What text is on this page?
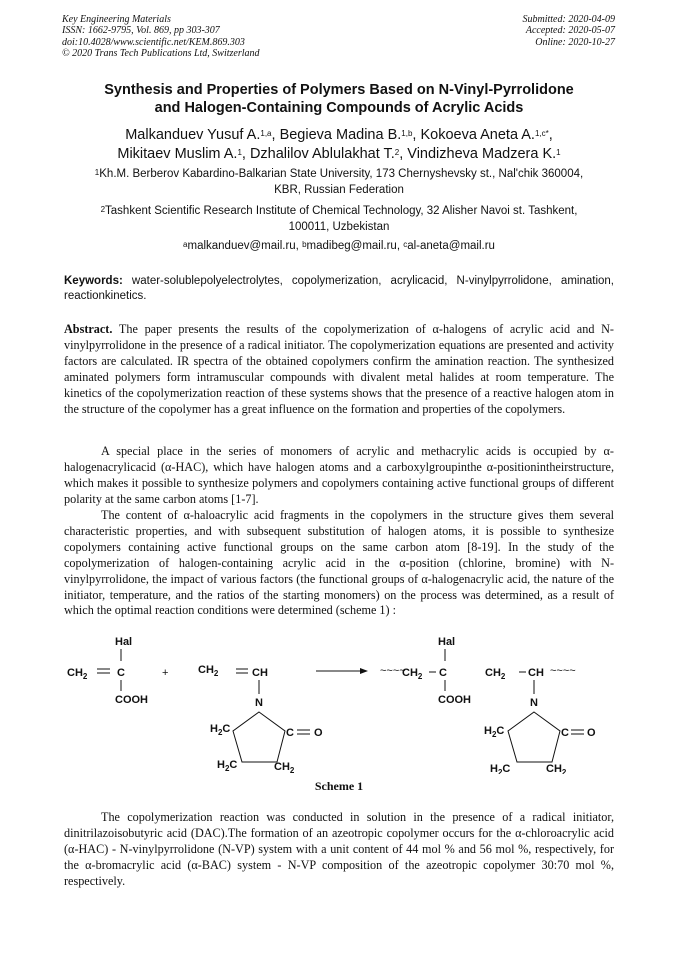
Key Engineering Materials
ISSN: 1662-9795, Vol. 869, pp 303-307
doi:10.4028/www.scientific.net/KEM.869.303
© 2020 Trans Tech Publications Ltd, Switzerland
Submitted: 2020-04-09
Accepted: 2020-05-07
Online: 2020-10-27
Synthesis and Properties of Polymers Based on N-Vinyl-Pyrrolidone
and Halogen-Containing Compounds of Acrylic Acids
Malkanduev Yusuf A.$^{1,a}$, Begieva Madina B.$^{1,b}$, Kokoeva Aneta A.$^{1,c*}$,
Mikitaev Muslim A.$^1$, Dzhalilov Ablulakhat T.$^2$, Vindizheva Madzera K.$^1$
$^1$Kh.M. Berberov Kabardino-Balkarian State University, 173 Chernyshevsky st., Nal'chik 360004,
KBR, Russian Federation
$^2$Tashkent Scientific Research Institute of Chemical Technology, 32 Alisher Navoi st. Tashkent,
100011, Uzbekistan
$^a$malkanduev@mail.ru, $^b$madibeg@mail.ru, $^c$al-aneta@mail.ru
Keywords: water-solublepolyelectrolytes, copolymerization, acrylicacid, N-vinylpyrrolidone, amination, reactionkinetics.
Abstract. The paper presents the results of the copolymerization of α-halogens of acrylic acid and N-vinylpyrrolidone in the presence of a radical initiator. The copolymerization equations are presented and activity factors are calculated. IR spectra of the obtained copolymers confirm the amination reaction. The synthesized aminated polymers form intramuscular compounds with divalent metal halides at room temperature. The kinetics of the copolymerization reaction of these systems shows that the presence of a reactive halogen atom in the structure of the copolymer has a great influence on the formation and properties of the copolymers.
A special place in the series of monomers of acrylic and methacrylic acids is occupied by α-halogenacrylicacid (α-HAC), which have halogen atoms and a carboxylgroupinthe α-positionintheirstructure, which makes it possible to synthesize polymers and copolymers containing active functional groups of different polarity at the same carbon atoms [1-7].
The content of α-haloacrylic acid fragments in the copolymers in the structure gives them several characteristic properties, and with subsequent substitution of halogen atoms, it is possible to synthesize copolymers containing active functional groups on the same carbon atom [8-19]. In the study of the copolymerization of halogen-containing acrylic acid in the α-position (chlorine, bromine) with N-vinylpyrrolidone, the impact of various factors (the functional groups of α-halogenacrylic acid, the nature of the initiator, temperature, and the ratios of the starting monomers) on the process was determined, as a result of which the optimal reaction conditions were determined (scheme 1) :
Hal
$CH_2$	C
COOH
+	$CH_2$	CH
N
$H_2C$	C O
$H_2C$	$CH_2$
Hal
~~~~
$CH_2$ C
COOH
$CH_2$ CH ~~~~
N
$H_2C$	C O
$H_2C$	$CH_2$
Scheme 1
The copolymerization reaction was conducted in solution in the presence of a radical initiator, dinitrilazoisobutyric acid (DAC).The formation of an azeotropic copolymer occurs for the α-chloroacrylic acid (α-HAC) - N-vinylpyrrolidone (N-VP) system with a unit content of 44 mol % and 56 mol %, respectively, for the α-bromacrylic acid (α-BAC) system - N-VP composition of the azeotropic copolymer 30:70 mol %, respectively.
